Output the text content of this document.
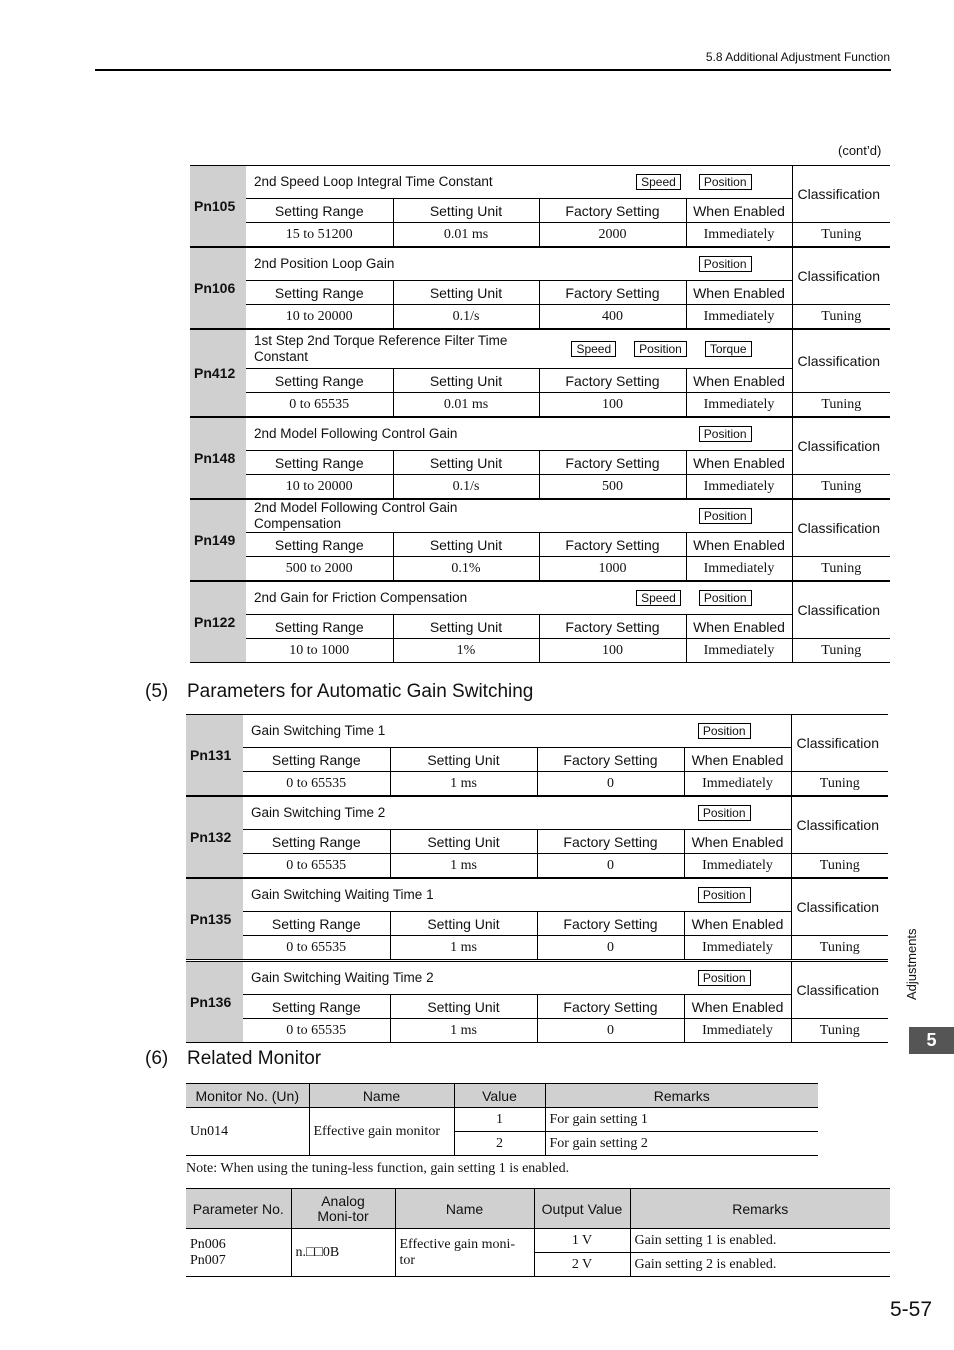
5.8 Additional Adjustment Function
(cont’d)
Pn105	2nd Speed Loop Integral Time Constant Speed Position				Classification
	Setting Range	Setting Unit	Factory Setting	When Enabled	
	15 to 51200	0.01 ms	2000	Immediately	Tuning
Pn106	2nd Position Loop Gain Position				Classification
	Setting Range	Setting Unit	Factory Setting	When Enabled	
	10 to 20000	0.1/s	400	Immediately	Tuning
Pn412	1st Step 2nd Torque Reference Filter Time Constant Speed Position Torque				Classification
	Setting Range	Setting Unit	Factory Setting	When Enabled	
	0 to 65535	0.01 ms	100	Immediately	Tuning
Pn148	2nd Model Following Control Gain Position				Classification
	Setting Range	Setting Unit	Factory Setting	When Enabled	
	10 to 20000	0.1/s	500	Immediately	Tuning
Pn149	2nd Model Following Control Gain Compensation Position				Classification
	Setting Range	Setting Unit	Factory Setting	When Enabled	
	500 to 2000	0.1%	1000	Immediately	Tuning
Pn122	2nd Gain for Friction Compensation Speed Position				Classification
	Setting Range	Setting Unit	Factory Setting	When Enabled	
	10 to 1000	1%	100	Immediately	Tuning
(5) Parameters for Automatic Gain Switching
Pn131	Gain Switching Time 1 Position				Classification
	Setting Range	Setting Unit	Factory Setting	When Enabled	
	0 to 65535	1 ms	0	Immediately	Tuning
Pn132	Gain Switching Time 2 Position				Classification
	Setting Range	Setting Unit	Factory Setting	When Enabled	
	0 to 65535	1 ms	0	Immediately	Tuning
Pn135	Gain Switching Waiting Time 1 Position				Classification
	Setting Range	Setting Unit	Factory Setting	When Enabled	
	0 to 65535	1 ms	0	Immediately	Tuning
Pn136	Gain Switching Waiting Time 2 Position				Classification
	Setting Range	Setting Unit	Factory Setting	When Enabled	
	0 to 65535	1 ms	0	Immediately	Tuning
(6) Related Monitor
Monitor No. (Un)	Name	Value	Remarks
Un014	Effective gain monitor	1	For gain setting 1
		2	For gain setting 2
Note: When using the tuning-less function, gain setting 1 is enabled.
Parameter No.	Analog Moni-tor	Name	Output Value	Remarks

Pn006
Pn007	n.□□0B	Effective gain moni-tor	1 V	Gain setting 1 is enabled.
			2 V	Gain setting 2 is enabled.
Adjustments
5
5-57
